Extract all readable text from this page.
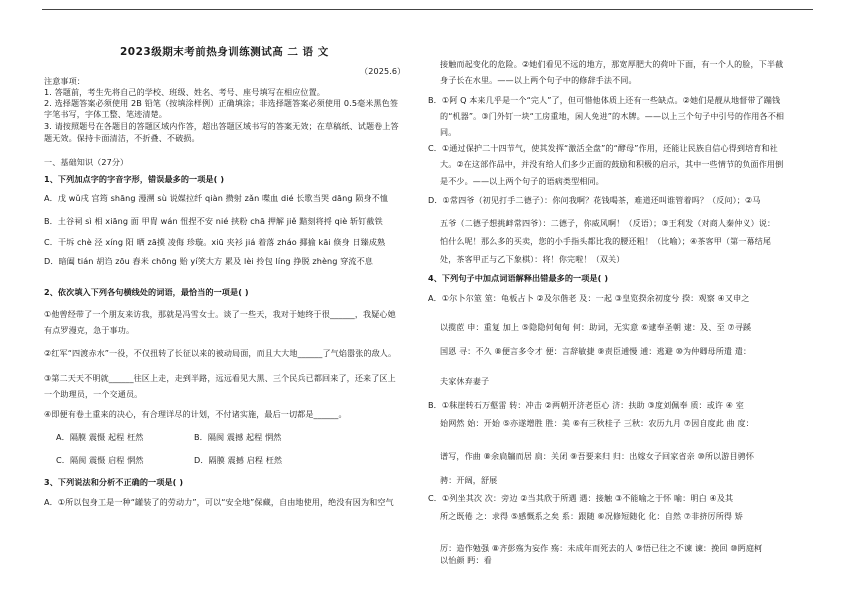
2023级期末考前热身训练测试高 二 语 文
（2025.6）
注意事项：
1. 答题前，考生先将自己的学校、班级、姓名、考号、座号填写在相应位置。
2. 选择题答案必须使用 2B 铅笔（按填涂样例）正确填涂；非选择题答案必须使用 0.5毫米黑色签
字笔书写，字体工整、笔迹清楚。
3. 请按照题号在各题目的答题区域内作答，超出答题区域书写的答案无效；在草稿纸、试题卷上答
题无效。保持卡面清洁，不折叠、不破损。
一、基础知识（27分）
1、下列加点字的字音字形，错误最多的一项是( )
A．戊 wǔ戌 宫筠 shāng 漫溯 sù 说媒拉纤 qiàn 攒射 zǎn 喋血 dié 长歌当哭 dāng 陨身不恤
B．土谷祠 sì 相 xiāng 面 甲胄 wán 忸捏不安 nié 挟粉 chā 押解 jiě 黯刻将捋 qiè 斩钉截铁
C．干坼 chè 泾 xíng 阳 晒 zā摸 凌侮 珍璇。xiū 夹衫 jiá 着落 zháo 揶揄 kāi 倏身 日臻成熟
D．暗阖 tián 胡诌 zōu 舂米 chōng 贻 yí笑大方 累及 lèi 拎包 líng 挣脱 zhèng 穿流不息
2、依次填入下列各句横线处的词语，最恰当的一项是( )
①他曾经带了一个朋友来访我，那就是冯雪女士。谈了一些天，我对于她终于很______，我疑心她
有点罗漫克，急于事功。
②红军“四渡赤水”一役，不仅扭转了长征以来的被动局面，而且大大地______了气焰嚣张的敌人。
③第二天天不明就______往区上走，走到半路，远远看见大黑、三个民兵已都回来了，还来了区上
一个助理员，一个交通员。
④即便有卷土重来的决心，有合理详尽的计划，不付诸实施，最后一切都是______。
A．隔膜 震慑 起程 枉然	B．隔阂 震撼 起程 惘然
C．隔阂 震慑 启程 惘然	D．隔膜 震撼 启程 枉然
3、下列说法和分析不正确的一项是( )
A．①所以包身工是一种“罐装了的劳动力”，可以“安全地”保藏，自由地使用，绝没有因为和空气
接触而起变化的危险。②她们看见不远的地方，那宽厚肥大的荷叶下面，有一个人的脸，下半截
身子长在水里。——以上两个句子中的修辞手法不同。
B．①阿 Q 本来几乎是一个“完人”了，但可惜他体质上还有一些缺点。②她们是靓从地督带了蹦钱
的“机器”。③门外钉一块“工房重地，闲人免进”的木牌。——以上三个句子中引号的作用各不相
同。
C．①通过保护二十四节气，使其发挥“激活全盘”的“酵母”作用，还能让民族自信心得到培育和社
大。②在这部作品中，并没有给人们多少正面的鼓励和积极的启示，其中一些情节的负面作用倒
是不少。——以上两个句子的语病类型相同。
D．①常四爷（初见打手二德子）：你问我啊？花钱喝茶，难道还叫谁管着吗？（反问）；②马
五爷（二德子想挑衅常四爷）：二德子，你威风啊！（反语）；③王利发（对商人秦仲义）说：
怕什么呢！那么多的买卖，您的小手指头都比我的腰还粗！（比喻）；④茶客甲（第一幕结尾
处，茶客甲正与乙下象棋）：将！你完啦！（双关）
4、下列句子中加点词语解释出错最多的一项是( )
A．①尔卜尔筮 筮：龟板占卜 ②及尔偕老 及：一起 ③皇览揆余初度兮 揆：观察 ④又申之
以揽茝 申：重复 加上 ⑤隐隐何甸甸 何：助词，无实意 ⑥逮奉圣朝 逮：及、至 ⑦寻蹊
国恩 寻：不久 ⑧便言多令才 便：言辞敏捷 ⑨责臣逋慢 逋：逃避 ⑩为仲卿母所遣 遣：
夫家休弃妻子
B．①秣崖转石万壑雷 转：冲击 ②两朝开济老臣心 济：扶助 ③度刘佩奉 质：或许 ④ 室
始网然 始：开始 ⑤亦遂增胜 胜：美 ⑥有三秋桂子 三秋：农历九月 ⑦因自度此 曲 度：
谱写，作曲 ⑧余扃牖而居 扃：关闭 ⑨吾要来归 归：出嫁女子回家省亲 ⑩所以游目骋怀
骋：开阔，舒展
C．①列坐其次 次：旁边 ②当其欣于所遇 遇：接触 ③不能喻之于怀 喻：明白 ④及其
所之既倦 之：求得 ⑤感慨系之矣 系：跟随 ⑥况修短随化 化：自然 ⑦非挤厉所得 矫
厉：造作勉强 ⑧齐彭殇为妄作 殇：未成年而死去的人 ⑨悟已往之不谏 谏：挽回 ⑩眄庭柯
以怡颜 眄：看
